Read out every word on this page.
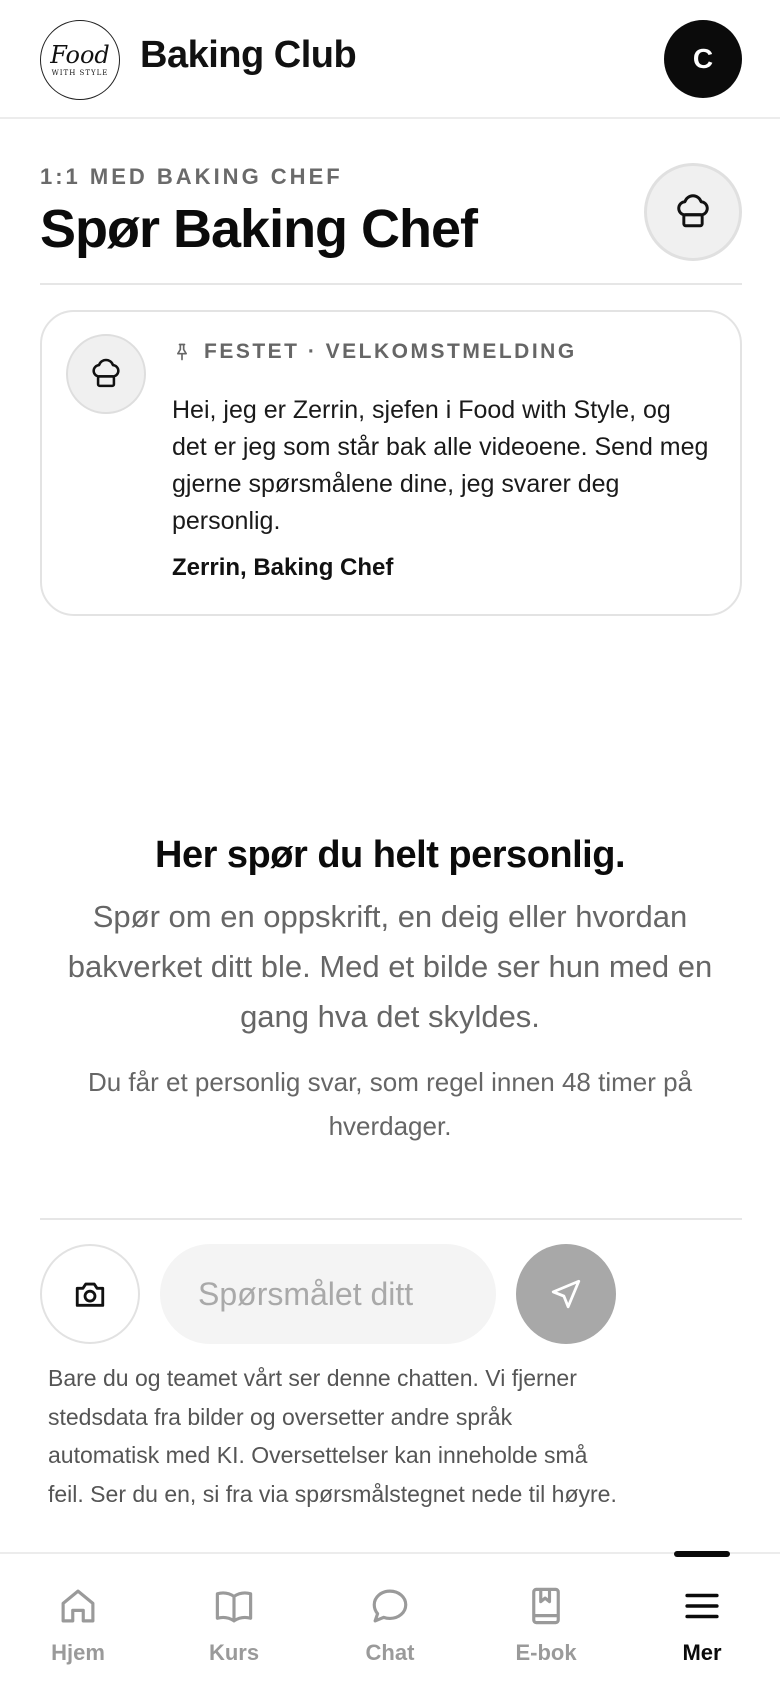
Food
WITH STYLE Baking Club	C
1:1 MED BAKING CHEF
Spør Baking Chef
FESTET · VELKOMSTMELDING

Hei, jeg er Zerrin, sjefen i Food with Style, og det er jeg som står bak alle videoene. Send meg gjerne spørsmålene dine, jeg svarer deg personlig.

Zerrin, Baking Chef
Her spør du helt personlig.

Spør om en oppskrift, en deig eller hvordan bakverket ditt ble. Med et bilde ser hun med en gang hva det skyldes.

Du får et personlig svar, som regel innen 48 timer på hverdager.

Spørsmålet ditt

Bare du og teamet vårt ser denne chatten. Vi fjerner stedsdata fra bilder og oversetter andre språk automatisk med KI. Oversettelser kan inneholde små feil. Ser du en, si fra via spørsmålstegnet nede til høyre.

Hjem	Kurs	Chat	E-bok	Mer
